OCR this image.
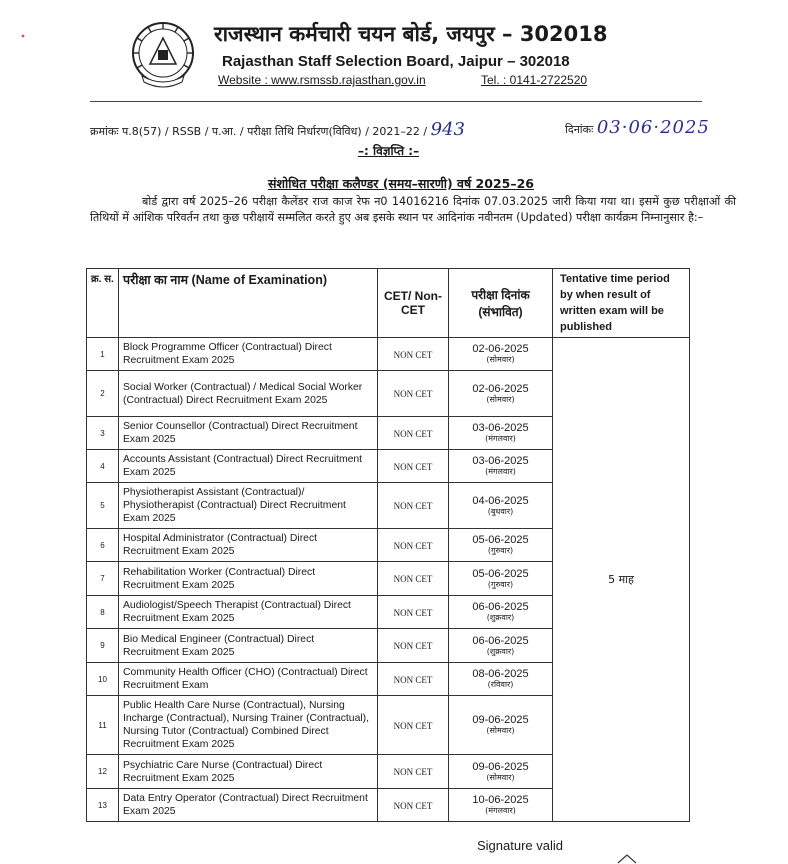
राजस्थान कर्मचारी चयन बोर्ड, जयपुर – 302018
Rajasthan Staff Selection Board, Jaipur – 302018
Website : www.rsmssb.rajasthan.gov.in	Tel. : 0141-2722520
क्रमांकः प.8(57) / RSSB / प.आ. / परीक्षा तिथि निर्धारण(विविध) / 2021–22 / 943	दिनांकः 03·06·2025
–: विज्ञप्ति :–
संशोधित परीक्षा कलैण्डर (समय–सारणी) वर्ष 2025–26
बोर्ड द्वारा वर्ष 2025–26 परीक्षा कैलेंडर राज काज रेफ न0 14016216 दिनांक 07.03.2025 जारी किया गया था। इसमें कुछ परीक्षाओं की तिथियों में आंशिक परिवर्तन तथा कुछ परीक्षायें सम्मलित करते हुए अब इसके स्थान पर आदिनांक नवीनतम (Updated) परीक्षा कार्यक्रम निम्नानुसार है:–
क्र. स.	परीक्षा का नाम (Name of Examination)	CET/ Non-CET	परीक्षा दिनांक (संभावित)	Tentative time period by when result of written exam will be published
1	Block Programme Officer (Contractual) Direct Recruitment Exam 2025	NON CET	02-06-2025
(सोमवार)	5 माह
2	Social Worker (Contractual) / Medical Social Worker (Contractual) Direct Recruitment Exam 2025	NON CET	02-06-2025
(सोमवार)	

3	Senior Counsellor (Contractual) Direct Recruitment Exam 2025	NON CET	03-06-2025
(मंगलवार)	

4	Accounts Assistant (Contractual) Direct Recruitment Exam 2025	NON CET	03-06-2025
(मंगलवार)	

5	Physiotherapist Assistant (Contractual)/ Physiotherapist (Contractual) Direct Recruitment Exam 2025	NON CET	04-06-2025
(बुधवार)	

6	Hospital Administrator (Contractual) Direct Recruitment Exam 2025	NON CET	05-06-2025
(गुरुवार)	

7	Rehabilitation Worker (Contractual) Direct Recruitment Exam 2025	NON CET	05-06-2025
(गुरुवार)	

8	Audiologist/Speech Therapist (Contractual) Direct Recruitment Exam 2025	NON CET	06-06-2025
(शुक्रवार)	

9	Bio Medical Engineer (Contractual) Direct Recruitment Exam 2025	NON CET	06-06-2025
(शुक्रवार)	

10	Community Health Officer (CHO) (Contractual) Direct Recruitment Exam	NON CET	08-06-2025
(रविवार)	

11	Public Health Care Nurse (Contractual), Nursing Incharge (Contractual), Nursing Trainer (Contractual), Nursing Tutor (Contractual) Combined Direct Recruitment Exam 2025	NON CET	09-06-2025
(सोमवार)	

12	Psychiatric Care Nurse (Contractual) Direct Recruitment Exam 2025	NON CET	09-06-2025
(सोमवार)	

13	Data Entry Operator (Contractual) Direct Recruitment Exam 2025	NON CET	10-06-2025
(मंगलवार)	
Signature valid
